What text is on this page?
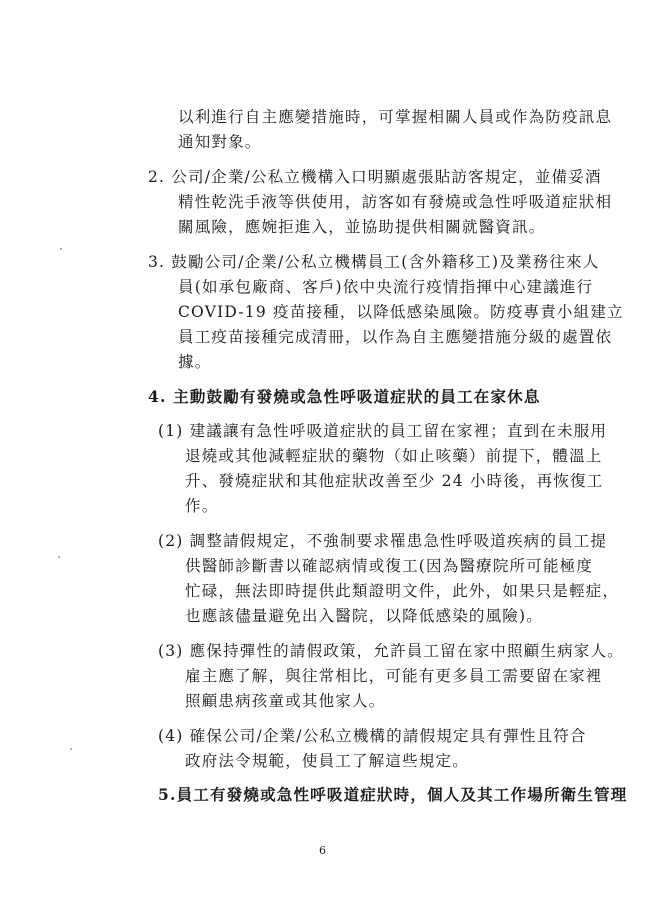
以利進行自主應變措施時，可掌握相關人員或作為防疫訊息
通知對象。
2. 公司/企業/公私立機構入口明顯處張貼訪客規定，並備妥酒
精性乾洗手液等供使用，訪客如有發燒或急性呼吸道症狀相
關風險，應婉拒進入，並協助提供相關就醫資訊。
3. 鼓勵公司/企業/公私立機構員工(含外籍移工)及業務往來人
員(如承包廠商、客戶)依中央流行疫情指揮中心建議進行
COVID-19 疫苗接種，以降低感染風險。防疫專責小組建立
員工疫苗接種完成清冊，以作為自主應變措施分級的處置依
據。
4. 主動鼓勵有發燒或急性呼吸道症狀的員工在家休息
(1) 建議讓有急性呼吸道症狀的員工留在家裡；直到在未服用
退燒或其他減輕症狀的藥物（如止咳藥）前提下，體溫上
升、發燒症狀和其他症狀改善至少 24 小時後，再恢復工
作。
(2) 調整請假規定，不強制要求罹患急性呼吸道疾病的員工提
供醫師診斷書以確認病情或復工(因為醫療院所可能極度
忙碌，無法即時提供此類證明文件，此外，如果只是輕症，
也應該儘量避免出入醫院，以降低感染的風險)。
(3) 應保持彈性的請假政策，允許員工留在家中照顧生病家人。
雇主應了解，與往常相比，可能有更多員工需要留在家裡
照顧患病孩童或其他家人。
(4) 確保公司/企業/公私立機構的請假規定具有彈性且符合
政府法令規範，使員工了解這些規定。
5.員工有發燒或急性呼吸道症狀時，個人及其工作場所衛生管理
6
